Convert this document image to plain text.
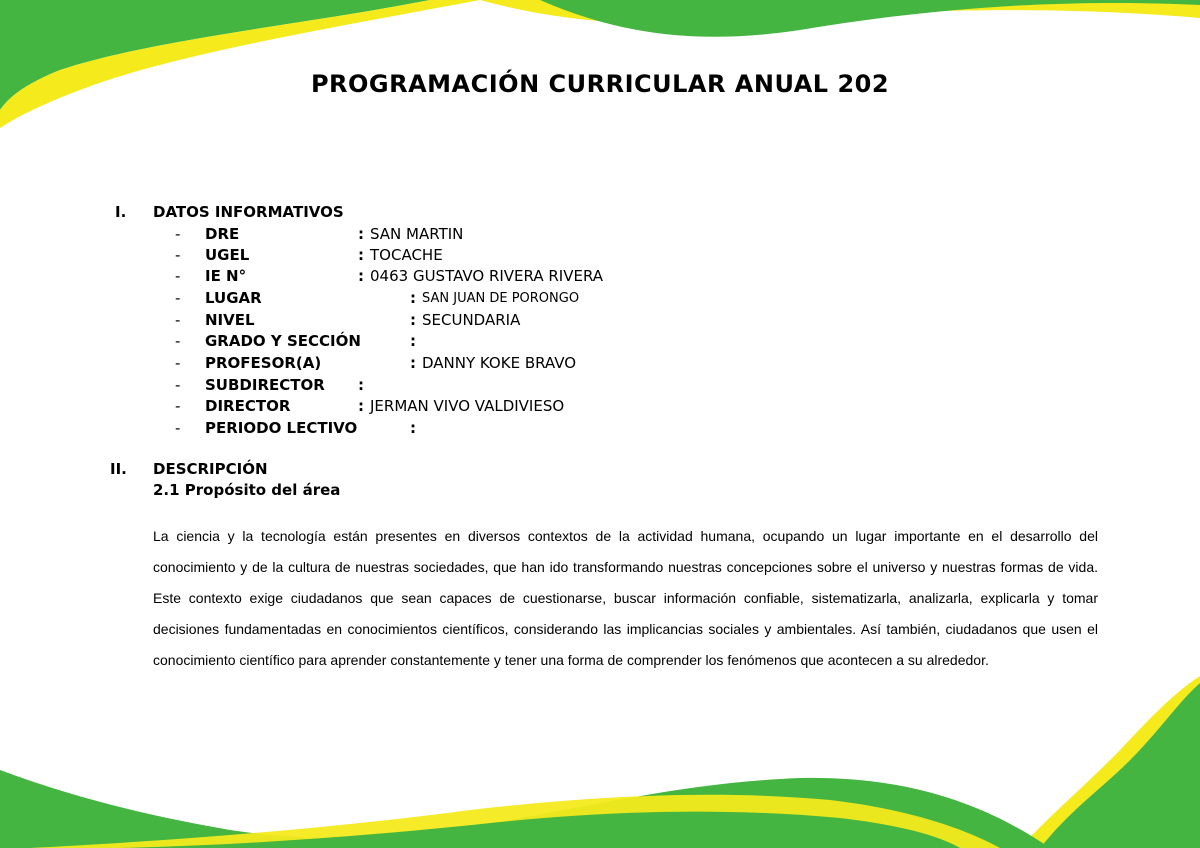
PROGRAMACIÓN CURRICULAR ANUAL 202
I. DATOS INFORMATIVOS
- DRE	: SAN MARTIN
- UGEL	: TOCACHE
- IE N°	: 0463 GUSTAVO RIVERA RIVERA
- LUGAR	: SAN JUAN DE PORONGO
- NIVEL	: SECUNDARIA
- GRADO Y SECCIÓN	:
- PROFESOR(A)	: DANNY KOKE BRAVO
- SUBDIRECTOR :
- DIRECTOR	: JERMAN VIVO VALDIVIESO
- PERIODO LECTIVO	:
II. DESCRIPCIÓN
2.1 Propósito del área

La ciencia y la tecnología están presentes en diversos contextos de la actividad humana, ocupando un lugar importante en el desarrollo del conocimiento y de la cultura de nuestras sociedades, que han ido transformando nuestras concepciones sobre el universo y nuestras formas de vida. Este contexto exige ciudadanos que sean capaces de cuestionarse, buscar información confiable, sistematizarla, analizarla, explicarla y tomar decisiones fundamentadas en conocimientos científicos, considerando las implicancias sociales y ambientales. Así también, ciudadanos que usen el conocimiento científico para aprender constantemente y tener una forma de comprender los fenómenos que acontecen a su alrededor.
